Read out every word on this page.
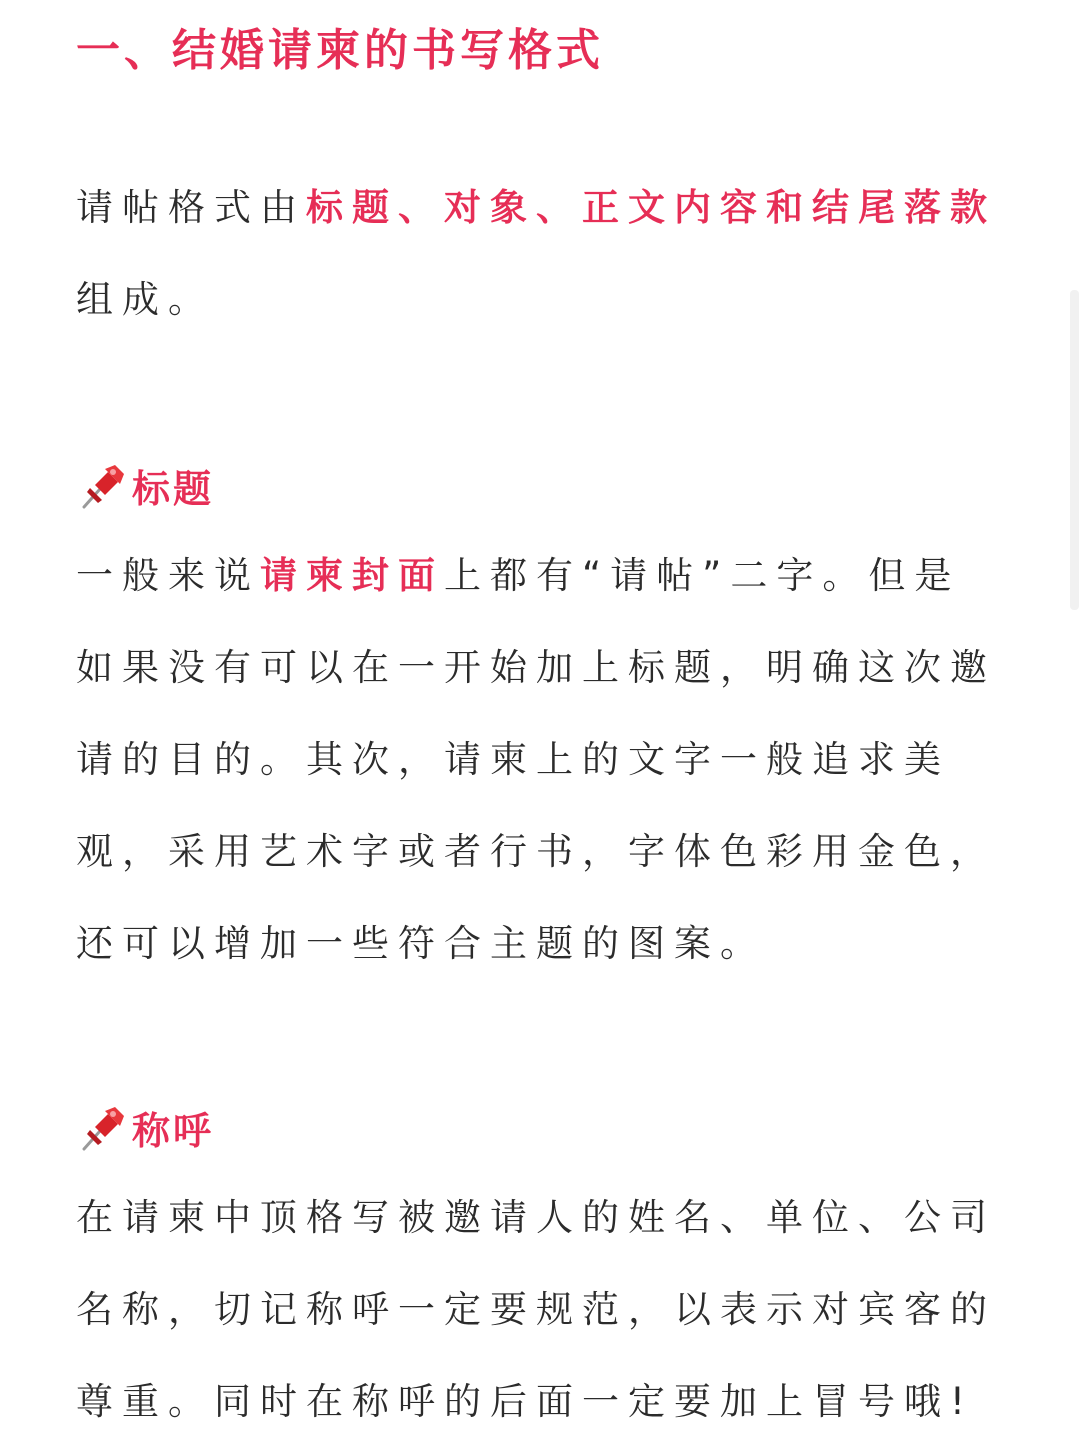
一、结婚请柬的书写格式

请帖格式由标题、对象、正文内容和结尾落款组成。

标题

一般来说请柬封面上都有“请帖”二字。但是如果没有可以在一开始加上标题，明确这次邀请的目的。其次，请柬上的文字一般追求美观，采用艺术字或者行书，字体色彩用金色，还可以增加一些符合主题的图案。

称呼

在请柬中顶格写被邀请人的姓名、单位、公司名称，切记称呼一定要规范，以表示对宾客的尊重。同时在称呼的后面一定要加上冒号哦!
